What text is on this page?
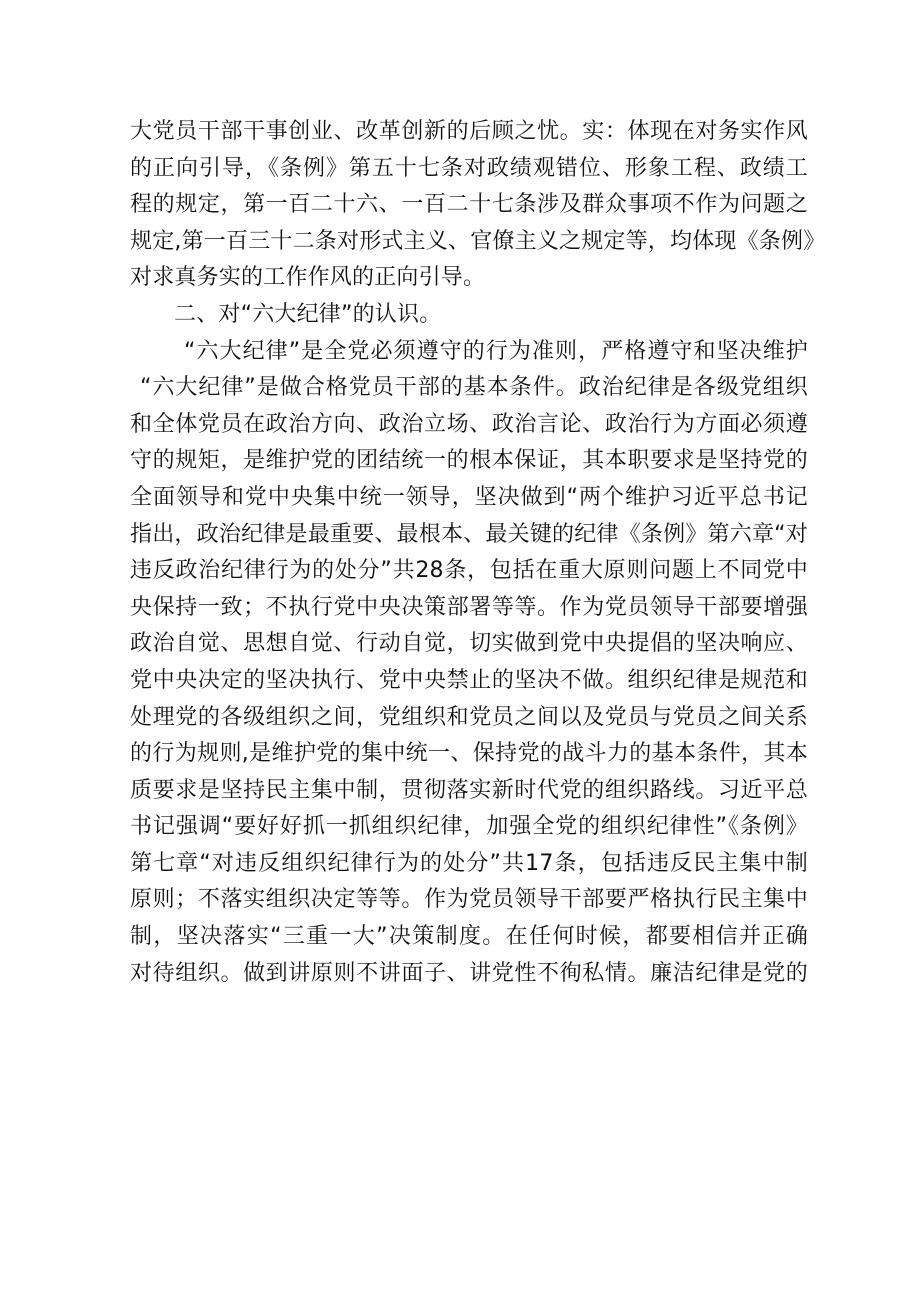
大党员干部干事创业、改革创新的后顾之忧。实：体现在对务实作风
的正向引导，《条例》第五十七条对政绩观错位、形象工程、政绩工
程的规定，第一百二十六、一百二十七条涉及群众事项不作为问题之
规定,第一百三十二条对形式主义、官僚主义之规定等，均体现《条例》
对求真务实的工作作风的正向引导。
二、对“六大纪律”的认识。
“六大纪律”是全党必须遵守的行为准则，严格遵守和坚决维护
“六大纪律”是做合格党员干部的基本条件。政治纪律是各级党组织
和全体党员在政治方向、政治立场、政治言论、政治行为方面必须遵
守的规矩，是维护党的团结统一的根本保证，其本职要求是坚持党的
全面领导和党中央集中统一领导，坚决做到“两个维护习近平总书记
指出，政治纪律是最重要、最根本、最关键的纪律《条例》第六章“对
违反政治纪律行为的处分”共28条，包括在重大原则问题上不同党中
央保持一致；不执行党中央决策部署等等。作为党员领导干部要增强
政治自觉、思想自觉、行动自觉，切实做到党中央提倡的坚决响应、
党中央决定的坚决执行、党中央禁止的坚决不做。组织纪律是规范和
处理党的各级组织之间，党组织和党员之间以及党员与党员之间关系
的行为规则,是维护党的集中统一、保持党的战斗力的基本条件，其本
质要求是坚持民主集中制，贯彻落实新时代党的组织路线。习近平总
书记强调“要好好抓一抓组织纪律，加强全党的组织纪律性”《条例》
第七章“对违反组织纪律行为的处分”共17条，包括违反民主集中制
原则；不落实组织决定等等。作为党员领导干部要严格执行民主集中
制，坚决落实“三重一大”决策制度。在任何时候，都要相信并正确
对待组织。做到讲原则不讲面子、讲党性不徇私情。廉洁纪律是党的
